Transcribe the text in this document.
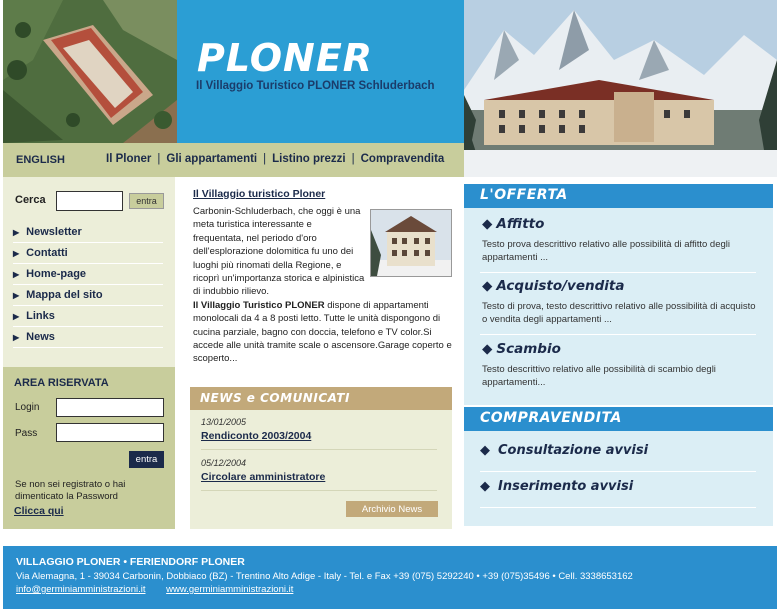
PLONER
Il Villaggio Turistico PLONER Schluderbach
ENGLISH	Il Ploner | Gli appartamenti | Listino prezzi | Compravendita
Cerca	entra
▶ Newsletter
▶ Contatti
▶ Home-page
▶ Mappa del sito
▶ Links
▶ News
AREA RISERVATA
Login
Pass
entra
Se non sei registrato o hai dimenticato la Password
Clicca qui
Il Villaggio turistico Ploner
Carbonin-Schluderbach, che oggi è una meta turistica interessante e frequentata, nel periodo d'oro dell'esplorazione dolomitica fu uno dei luoghi più rinomati della Regione, e ricoprì un'importanza storica e alpinistica di indubbio rilievo.
Il Villaggio Turistico PLONER dispone di appartamenti monolocali da 4 a 8 posti letto. Tutte le unità dispongono di cucina parziale, bagno con doccia, telefono e TV color.Si accede alle unità tramite scale o ascensore.Garage coperto e scoperto...
NEWS e COMUNICATI
13/01/2005
Rendiconto 2003/2004
05/12/2004
Circolare amministratore
Archivio News
L'OFFERTA
◆ Affitto
Testo prova descrittivo relativo alle possibilità di affitto degli appartamenti ...
◆ Acquisto/vendita
Testo di prova, testo descrittivo relativo alle possibilità di acquisto o vendita degli appartamenti ...
◆ Scambio
Testo descrittivo relativo alle possibilità di scambio degli appartamenti...
COMPRAVENDITA
◆ Consultazione avvisi
◆ Inserimento avvisi
VILLAGGIO PLONER • FERIENDORF PLONER
Via Alemagna, 1 - 39034 Carbonin, Dobbiaco (BZ) - Trentino Alto Adige - Italy - Tel. e Fax +39 (075) 5292240 • +39 (075)35496 • Cell. 3338653162
info@germiniamministrazioni.it www.germiniamministrazioni.it
